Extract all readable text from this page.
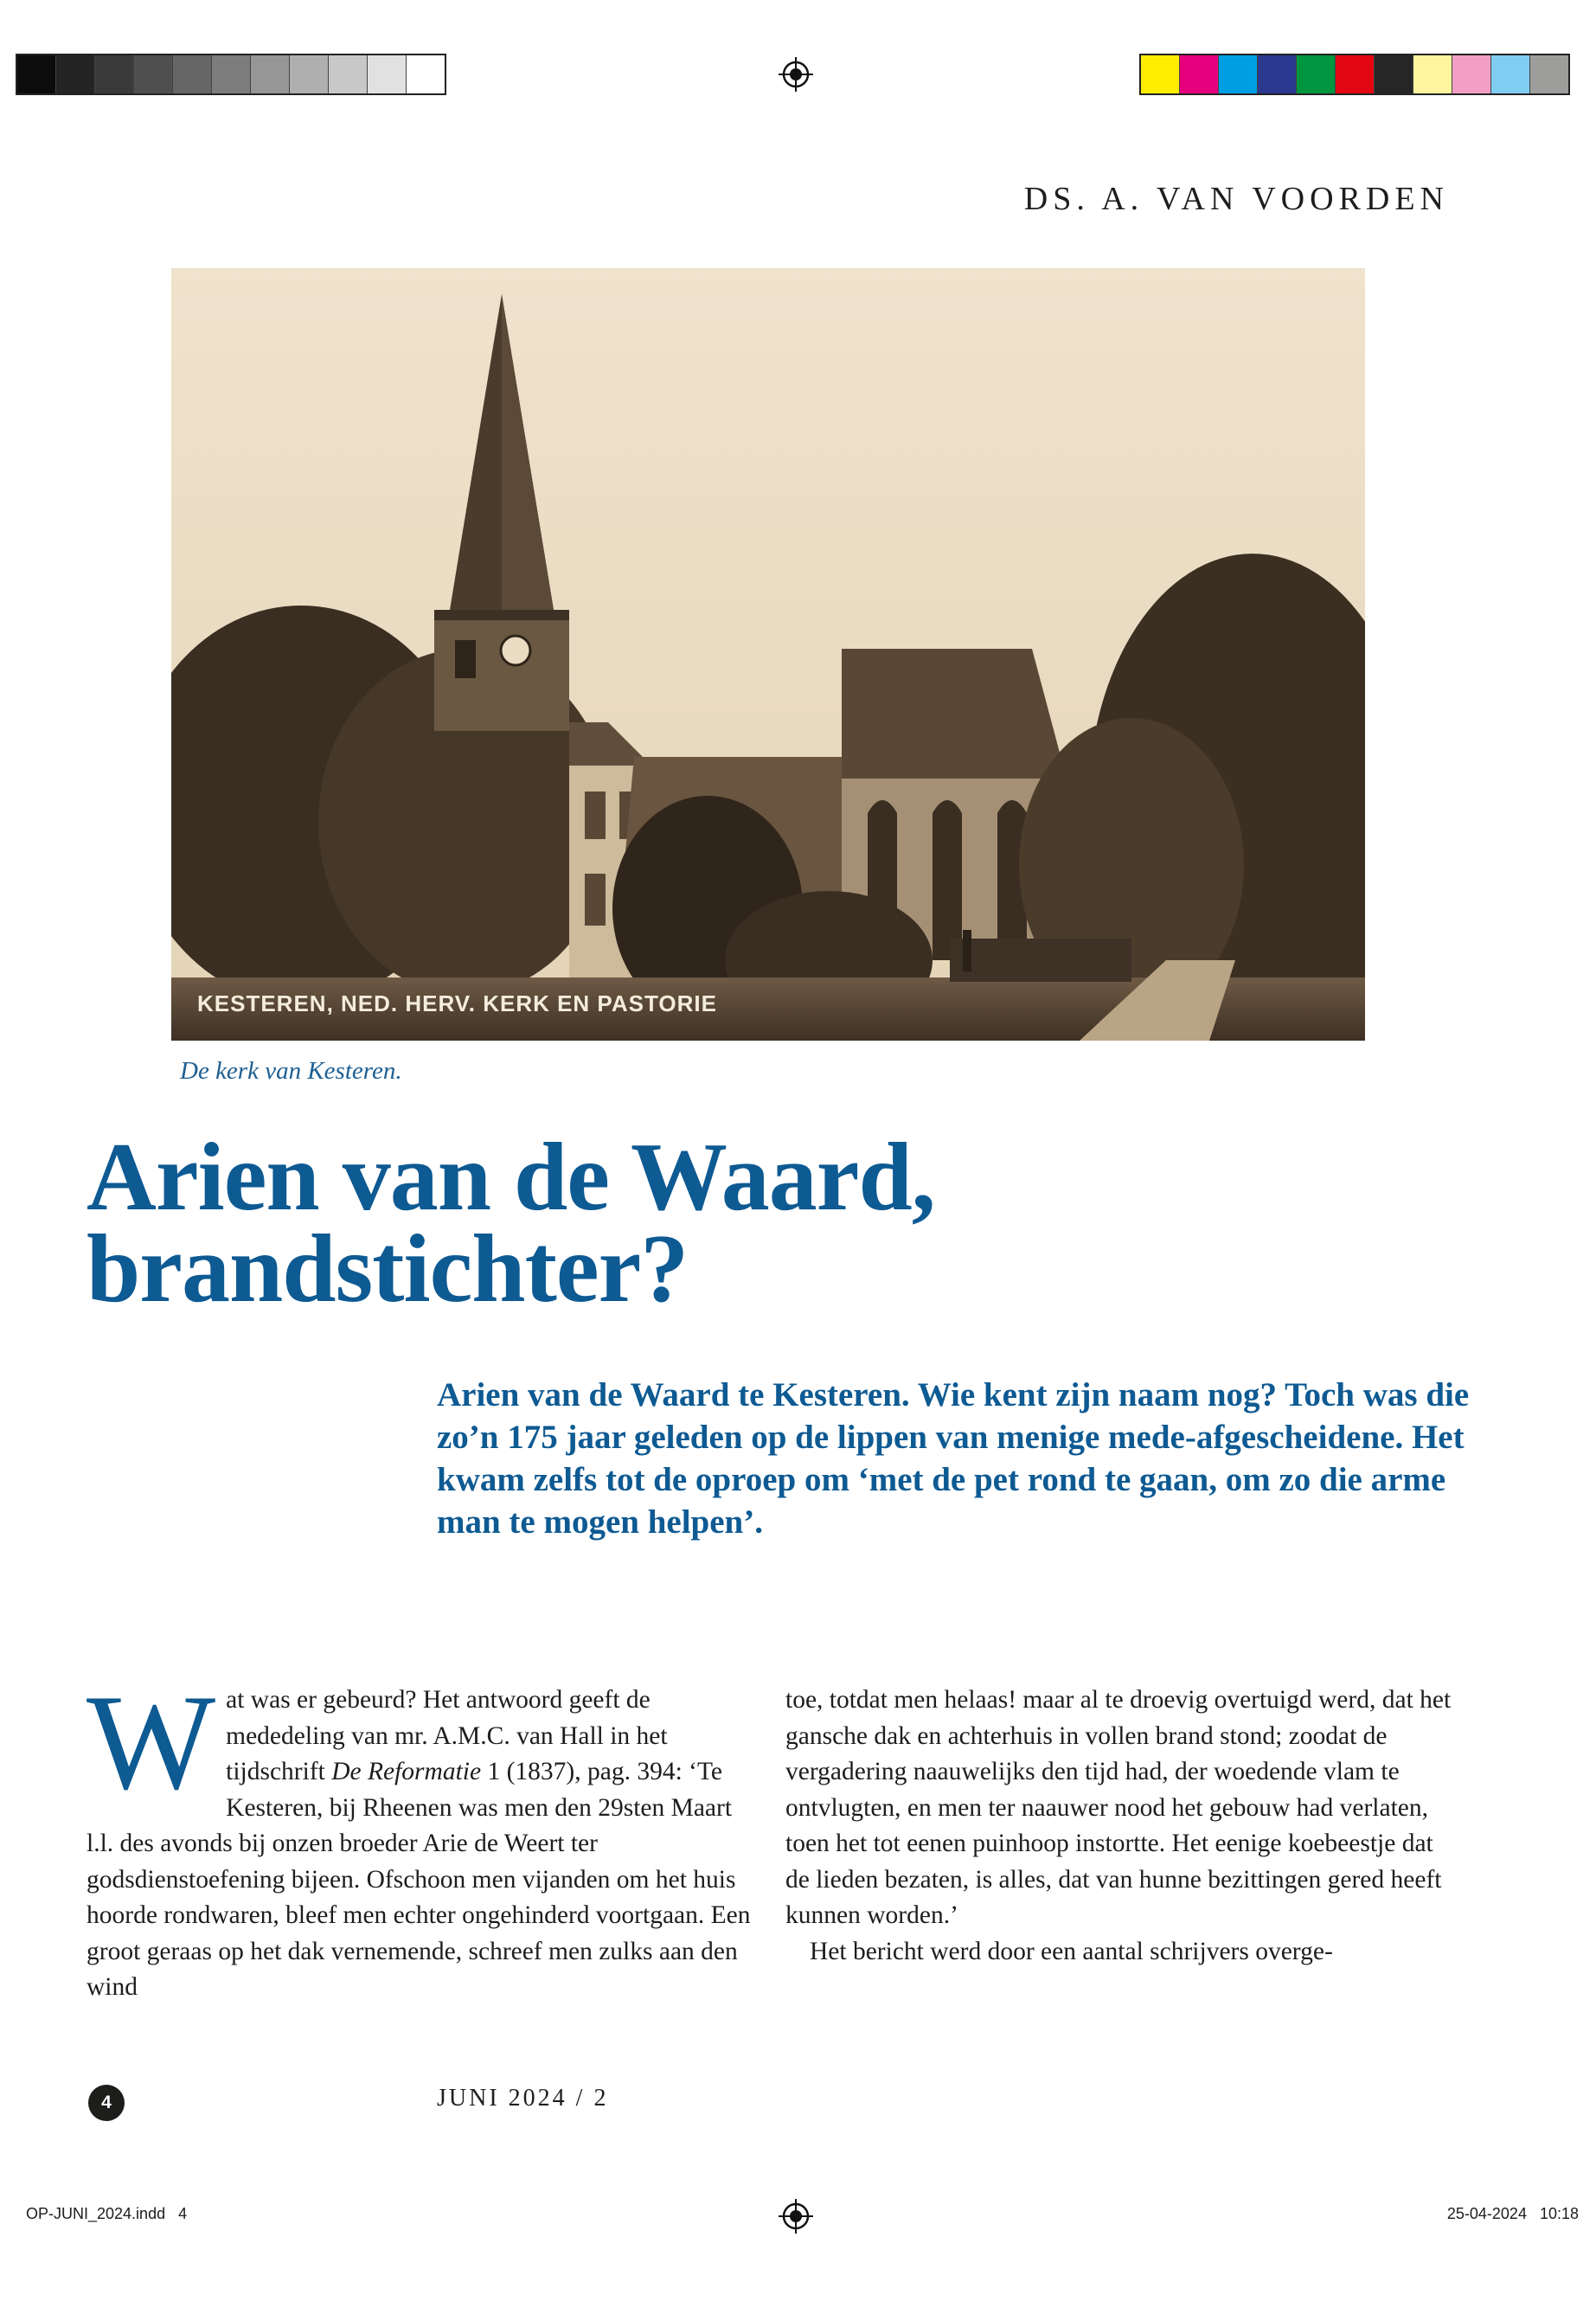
DS. A. VAN VOORDEN
KESTEREN, NED. HERV. KERK EN PASTORIE
De kerk van Kesteren.
Arien van de Waard,
brandstichter?

Arien van de Waard te Kesteren. Wie kent zijn naam nog? Toch was die zo’n 175 jaar geleden op de lippen van menige mede-afgescheidene. Het kwam zelfs tot de oproep om ‘met de pet rond te gaan, om zo die arme man te mogen helpen’.

Wat was er gebeurd? Het antwoord geeft de mededeling van mr. A.M.C. van Hall in het tijdschrift De Reformatie 1 (1837), pag. 394: ‘Te Kesteren, bij Rheenen was men den 29sten Maart l.l. des avonds bij onzen broeder Arie de Weert ter godsdienstoefening bijeen. Ofschoon men vijanden om het huis hoorde rondwaren, bleef men echter ongehinderd voortgaan. Een groot geraas op het dak vernemende, schreef men zulks aan den wind

toe, totdat men helaas! maar al te droevig overtuigd werd, dat het gansche dak en achterhuis in vollen brand stond; zoodat de vergadering naauwelijks den tijd had, der woedende vlam te ontvlugten, en men ter naauwer nood het gebouw had verlaten, toen het tot eenen puinhoop instortte. Het eenige koebeestje dat de lieden bezaten, is alles, dat van hunne bezittingen gered heeft kunnen worden.’

Het bericht werd door een aantal schrijvers overge-

4	JUNI 2024 / 2
OP-JUNI_2024.indd   4	25-04-2024   10:18
